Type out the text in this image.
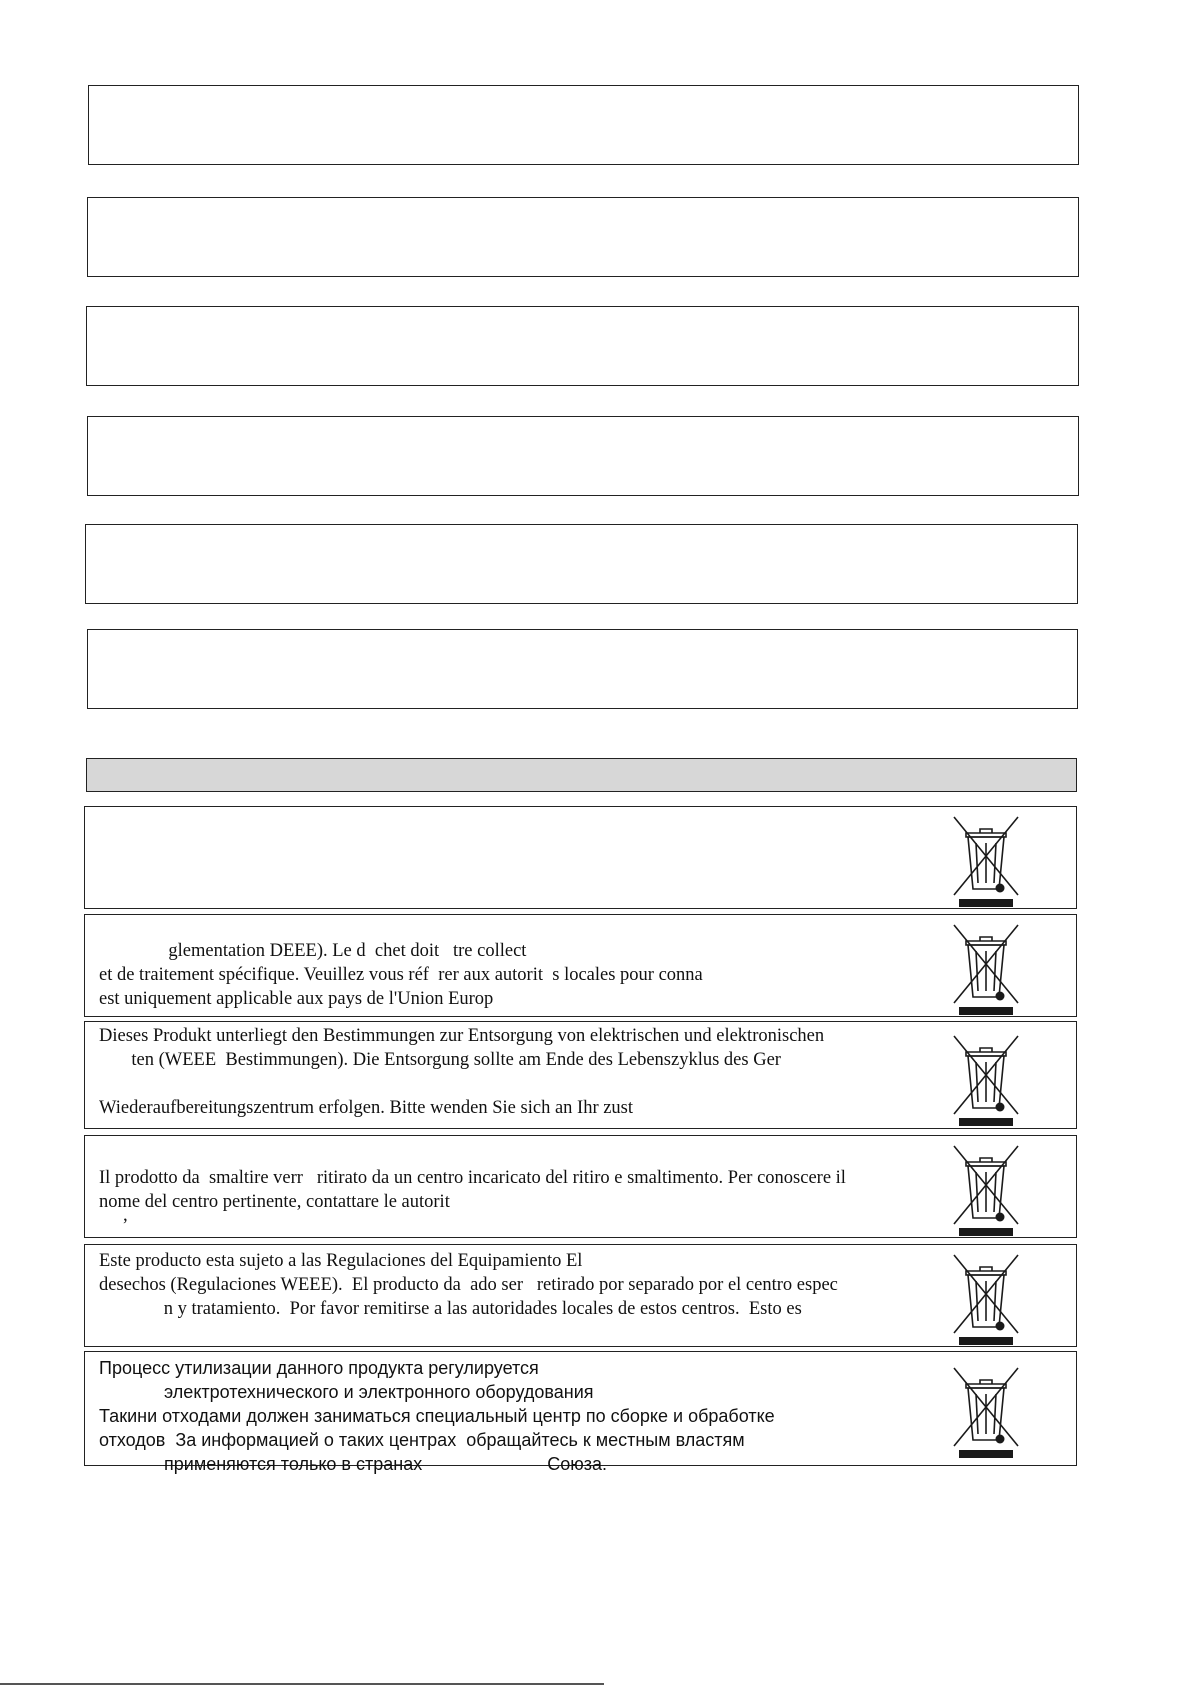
glementation DEEE). Le d  chet doit   tre collect
et de traitement spécifique. Veuillez vous réf  rer aux autorit  s locales pour conna
est uniquement applicable aux pays de l'Union Europ
Dieses Produkt unterliegt den Bestimmungen zur Entsorgung von elektrischen und elektronischen
ten (WEEE  Bestimmungen). Die Entsorgung sollte am Ende des Lebenszyklus des Ger
Wiederaufbereitungszentrum erfolgen. Bitte wenden Sie sich an Ihr zust
Il prodotto da  smaltire verr   ritirato da un centro incaricato del ritiro e smaltimento. Per conoscere il
nome del centro pertinente, contattare le autorit
’
Este producto esta sujeto a las Regulaciones del Equipamiento El
desechos (Regulaciones WEEE).  El producto da  ado ser   retirado por separado por el centro espec
n y tratamiento.  Por favor remitirse a las autoridades locales de estos centros.  Esto es
Процесс утилизации данного продукта регулируется
электротехнического и электронного оборудования
Такини отходами должен заниматься специальный центр по сборке и обработке
отходов  За информацией о таких центрах  обращайтесь к местным властям
применяются только в странах                         Союза.
